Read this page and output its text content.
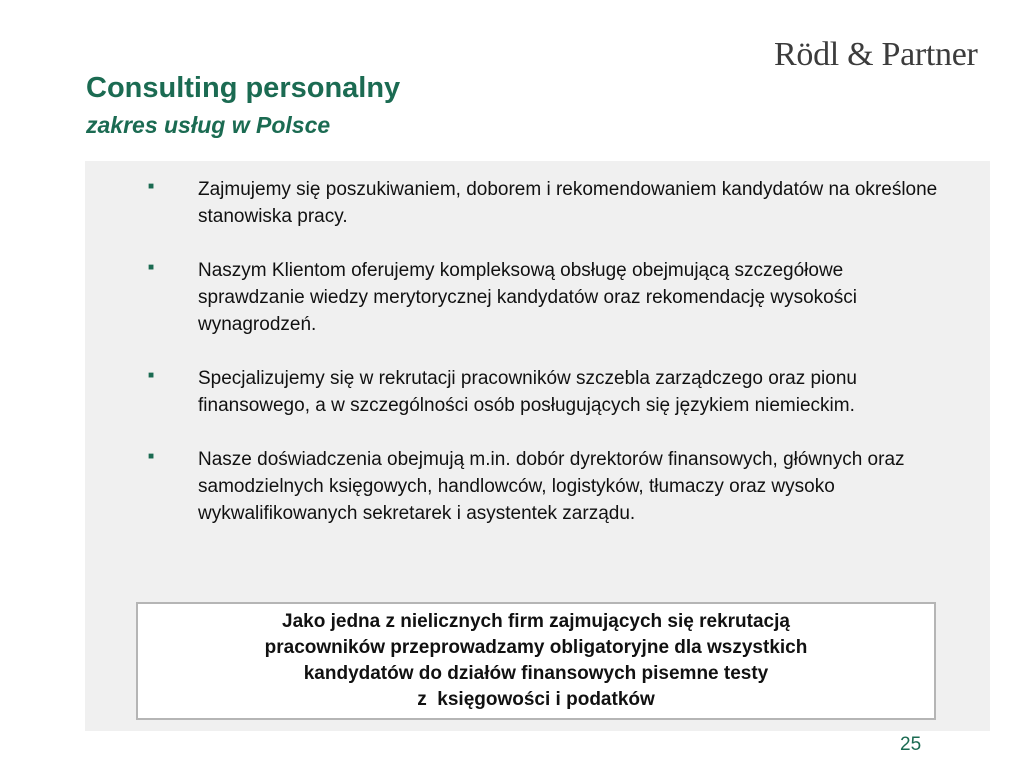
Rödl & Partner
Consulting personalny
zakres usług w Polsce
■ Zajmujemy się poszukiwaniem, doborem i rekomendowaniem kandydatów na określone stanowiska pracy.
■ Naszym Klientom oferujemy kompleksową obsługę obejmującą szczegółowe sprawdzanie wiedzy merytorycznej kandydatów oraz rekomendację wysokości wynagrodzeń.
■ Specjalizujemy się w rekrutacji pracowników szczebla zarządczego oraz pionu finansowego, a w szczególności osób posługujących się językiem niemieckim.
■ Nasze doświadczenia obejmują m.in. dobór dyrektorów finansowych, głównych oraz samodzielnych księgowych, handlowców, logistyków, tłumaczy oraz wysoko wykwalifikowanych sekretarek i asystentek zarządu.
Jako jedna z nielicznych firm zajmujących się rekrutacją
pracowników przeprowadzamy obligatoryjne dla wszystkich
kandydatów do działów finansowych pisemne testy
z  księgowości i podatków
25
